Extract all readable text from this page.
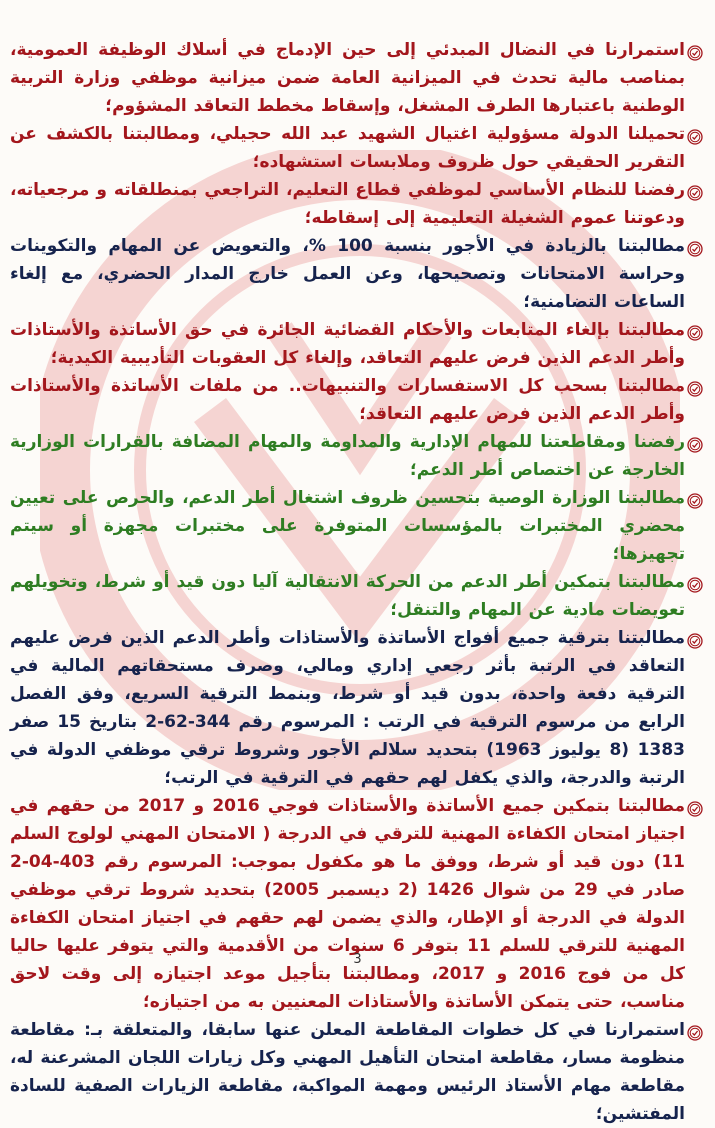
استمرارنا في النضال المبدئي إلى حين الإدماج في أسلاك الوظيفة العمومية، بمناصب مالية تحدث في الميزانية العامة ضمن ميزانية موظفي وزارة التربية الوطنية باعتبارها الطرف المشغل، وإسقاط مخطط التعاقد المشؤوم؛
تحميلنا الدولة مسؤولية اغتيال الشهيد عبد الله حجيلي، ومطالبتنا بالكشف عن التقرير الحقيقي حول ظروف وملابسات استشهاده؛
رفضنا للنظام الأساسي لموظفي قطاع التعليم، التراجعي بمنطلقاته و مرجعياته، ودعوتنا عموم الشغيلة التعليمية إلى إسقاطه؛
مطالبتنا بالزيادة في الأجور بنسبة 100 %، والتعويض عن المهام والتكوينات وحراسة الامتحانات وتصحيحها، وعن العمل خارج المدار الحضري، مع إلغاء الساعات التضامنية؛
مطالبتنا بإلغاء المتابعات والأحكام القضائية الجائرة في حق الأساتذة والأستاذات وأطر الدعم الذين فرض عليهم التعاقد، وإلغاء كل العقوبات التأديبية الكيدية؛
مطالبتنا بسحب كل الاستفسارات والتنبيهات.. من ملفات الأساتذة والأستاذات وأطر الدعم الذين فرض عليهم التعاقد؛
رفضنا ومقاطعتنا للمهام الإدارية والمداومة والمهام المضافة بالقرارات الوزارية الخارجة عن اختصاص أطر الدعم؛
مطالبتنا الوزارة الوصية بتحسين ظروف اشتغال أطر الدعم، والحرص على تعيين محضري المختبرات بالمؤسسات المتوفرة على مختبرات مجهزة أو سيتم تجهيزها؛
مطالبتنا بتمكين أطر الدعم من الحركة الانتقالية آليا دون قيد أو شرط، وتخويلهم تعويضات مادية عن المهام والتنقل؛
مطالبتنا بترقية جميع أفواج الأساتذة والأستاذات وأطر الدعم الذين فرض عليهم التعاقد في الرتبة بأثر رجعي إداري ومالي، وصرف مستحقاتهم المالية في الترقية دفعة واحدة، بدون قيد أو شرط، وبنمط الترقية السريع، وفق الفصل الرابع من مرسوم الترقية في الرتب : المرسوم رقم 344-62-2 بتاريخ 15 صفر 1383 (8 يوليوز 1963) بتحديد سلالم الأجور وشروط ترقي موظفي الدولة في الرتبة والدرجة، والذي يكفل لهم حقهم في الترقية في الرتب؛
مطالبتنا بتمكين جميع الأساتذة والأستاذات فوجي 2016 و 2017 من حقهم في اجتياز امتحان الكفاءة المهنية للترقي في الدرجة ( الامتحان المهني لولوج السلم 11) دون قيد أو شرط، ووفق ما هو مكفول بموجب: المرسوم رقم 403-04-2 صادر في 29 من شوال 1426 (2 ديسمبر 2005) بتحديد شروط ترقي موظفي الدولة في الدرجة أو الإطار، والذي يضمن لهم حقهم في اجتياز امتحان الكفاءة المهنية للترقي للسلم 11 بتوفر 6 سنوات من الأقدمية والتي يتوفر عليها حاليا كل من فوج 2016 و 2017، ومطالبتنا بتأجيل موعد اجتيازه إلى وقت لاحق مناسب، حتى يتمكن الأساتذة والأستاذات المعنيين به من اجتيازه؛
استمرارنا في كل خطوات المقاطعة المعلن عنها سابقا، والمتعلقة بـ: مقاطعة منظومة مسار، مقاطعة امتحان التأهيل المهني وكل زيارات اللجان المشرعنة له، مقاطعة مهام الأستاذ الرئيس ومهمة المواكبة، مقاطعة الزيارات الصفية للسادة المفتشين؛
3
